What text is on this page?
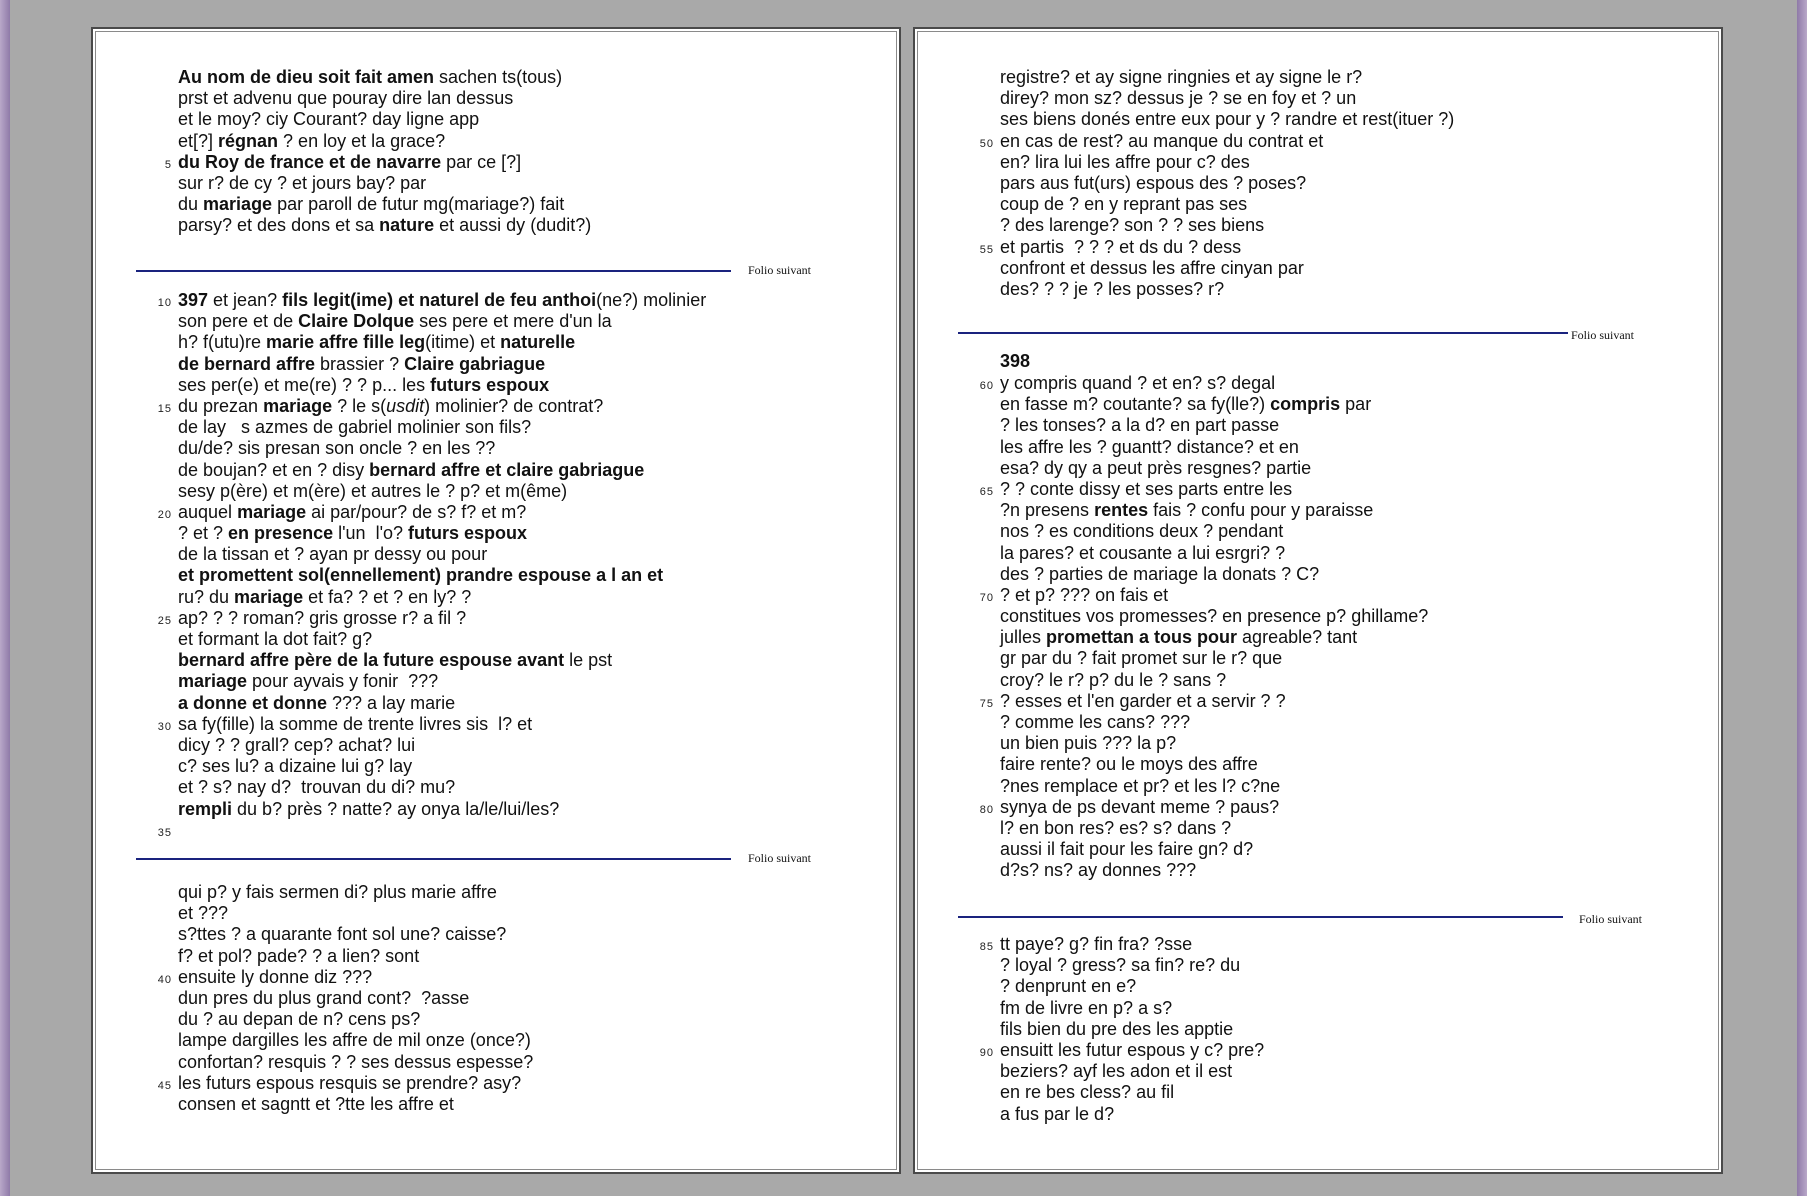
Au nom de dieu soit fait amen sachen ts(tous)
prst et advenu que pouray dire lan dessus
et le moy? ciy Courant? day ligne app
et[?] régnan ? en loy et la grace?
5 du Roy de france et de navarre par ce [?]
sur r? de cy ? et jours bay? par
du mariage par paroll de futur mg(mariage?) fait
parsy? et des dons et sa nature et aussi dy (dudit?)
Folio suivant
10 397 et jean? fils legit(ime) et naturel de feu anthoi(ne?) molinier
son pere et de Claire Dolque ses pere et mere d'un la
h? f(utu)re marie affre fille leg(itime) et naturelle
de bernard affre brassier ? Claire gabriague
ses per(e) et me(re) ? ? p... les futurs espoux
15 du prezan mariage ? le s(usdit) molinier? de contrat?
de lay   s azmes de gabriel molinier son fils?
du/de? sis presan son oncle ? en les ??
de boujan? et en ? disy bernard affre et claire gabriague
sesy p(ère) et m(ère) et autres le ? p? et m(ême)
20 auquel mariage ai par/pour? de s? f? et m?
? et ? en presence l'un  l'o? futurs espoux
de la tissan et ? ayan pr dessy ou pour
et promettent sol(ennellement) prandre espouse a l an et
ru? du mariage et fa? ? et ? en ly? ?
25 ap? ? ? roman? gris grosse r? a fil ?
et formant la dot fait? g?
bernard affre père de la future espouse avant le pst
mariage pour ayvais y fonir  ???
a donne et donne ??? a lay marie
30 sa fy(fille) la somme de trente livres sis  l? et
dicy ? ? grall? cep? achat? lui
c? ses lu? a dizaine lui g? lay
et ? s? nay d?  trouvan du di? mu?
rempli du b? près ? natte? ay onya la/le/lui/les?
35
Folio suivant
qui p? y fais sermen di? plus marie affre
et ???
s?ttes ? a quarante font sol une? caisse?
f? et pol? pade? ? a lien? sont
40 ensuite ly donne diz ???
dun pres du plus grand cont?  ?asse
du ? au depan de n? cens ps?
lampe dargilles les affre de mil onze (once?)
confortan? resquis ? ? ses dessus espesse?
45 les futurs espous resquis se prendre? asy?
consen et sagntt et ?tte les affre et
registre? et ay signe ringnies et ay signe le r?
direy? mon sz? dessus je ? se en foy et ? un
ses biens donés entre eux pour y ? randre et rest(ituer ?)
50 en cas de rest? au manque du contrat et
en? lira lui les affre pour c? des
pars aus fut(urs) espous des ? poses?
coup de ? en y reprant pas ses
? des larenge? son ? ? ses biens
55 et partis  ? ? ? et ds du ? dess
confront et dessus les affre cinyan par
des? ? ? je ? les posses? r?
Folio suivant
398
60 y compris quand ? et en? s? degal
en fasse m? coutante? sa fy(lle?) compris par
? les tonses? a la d? en part passe
les affre les ? guantt? distance? et en
esa? dy qy a peut près resgnes? partie
65 ? ? conte dissy et ses parts entre les
?n presens rentes fais ? confu pour y paraisse
nos ? es conditions deux ? pendant
la pares? et cousante a lui esrgri? ?
des ? parties de mariage la donats ? C?
70 ? et p? ??? on fais et
constitues vos promesses? en presence p? ghillame?
julles promettan a tous pour agreable? tant
gr par du ? fait promet sur le r? que
croy? le r? p? du le ? sans ?
75 ? esses et l'en garder et a servir ? ?
? comme les cans? ???
un bien puis ??? la p?
faire rente? ou le moys des affre
?nes remplace et pr? et les l? c?ne
80 synya de ps devant meme ? paus?
l? en bon res? es? s? dans ?
aussi il fait pour les faire gn? d?
d?s? ns? ay donnes ???
Folio suivant
85 tt paye? g? fin fra? ?sse
? loyal ? gress? sa fin? re? du
? denprunt en e?
fm de livre en p? a s?
fils bien du pre des les apptie
90 ensuitt les futur espous y c? pre?
beziers? ayf les adon et il est
en re bes cless? au fil
a fus par le d?
